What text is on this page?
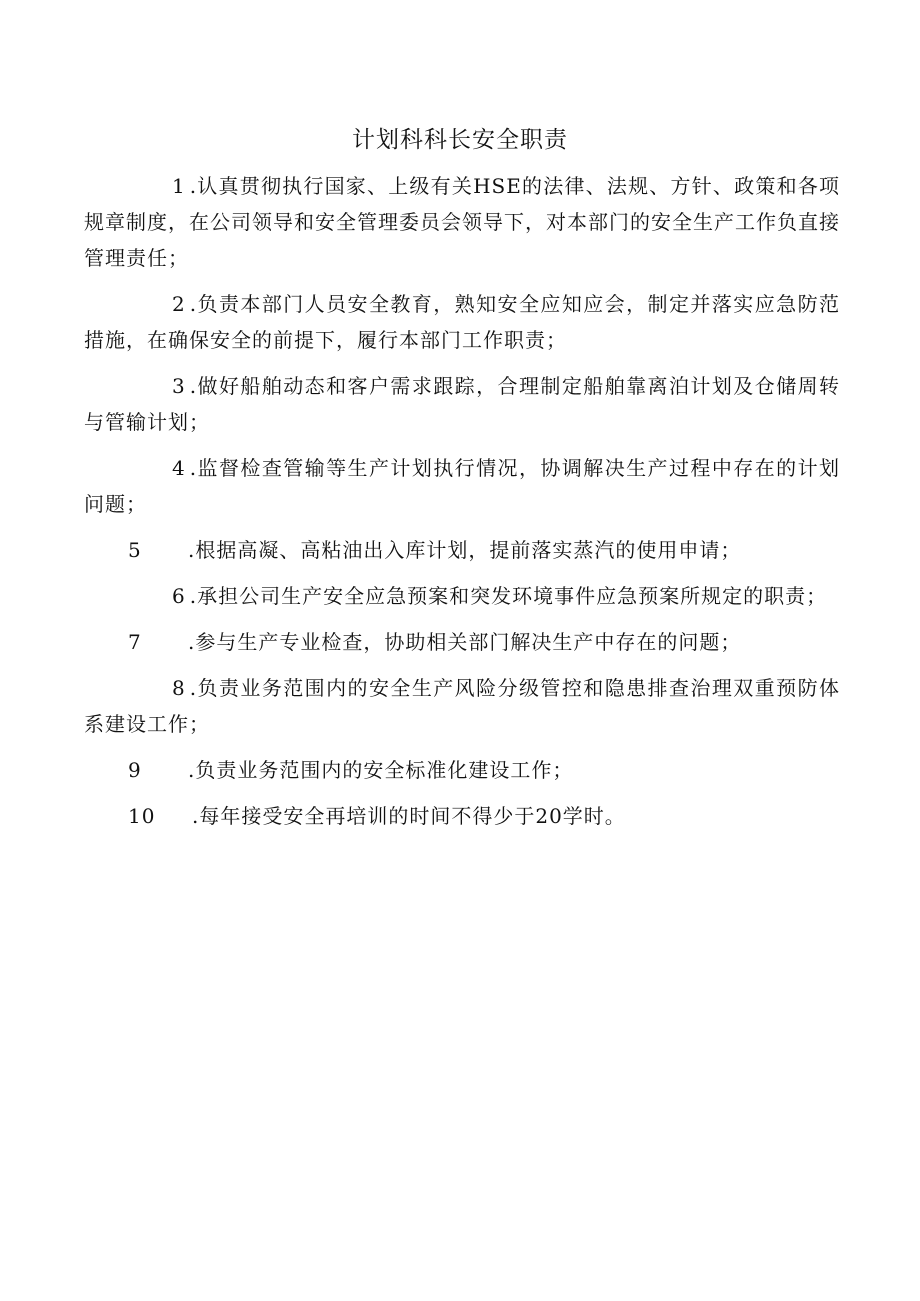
计划科科长安全职责

1 .认真贯彻执行国家、上级有关HSE的法律、法规、方针、政策和各项规章制度，在公司领导和安全管理委员会领导下，对本部门的安全生产工作负直接管理责任；

2 .负责本部门人员安全教育，熟知安全应知应会，制定并落实应急防范措施，在确保安全的前提下，履行本部门工作职责；

3 .做好船舶动态和客户需求跟踪，合理制定船舶靠离泊计划及仓储周转与管输计划；

4 .监督检查管输等生产计划执行情况，协调解决生产过程中存在的计划问题；

5 .根据高凝、高粘油出入库计划，提前落实蒸汽的使用申请；

6 .承担公司生产安全应急预案和突发环境事件应急预案所规定的职责；

7 .参与生产专业检查，协助相关部门解决生产中存在的问题；

8 .负责业务范围内的安全生产风险分级管控和隐患排查治理双重预防体系建设工作；

9 .负责业务范围内的安全标准化建设工作；

10 .每年接受安全再培训的时间不得少于20学时。
